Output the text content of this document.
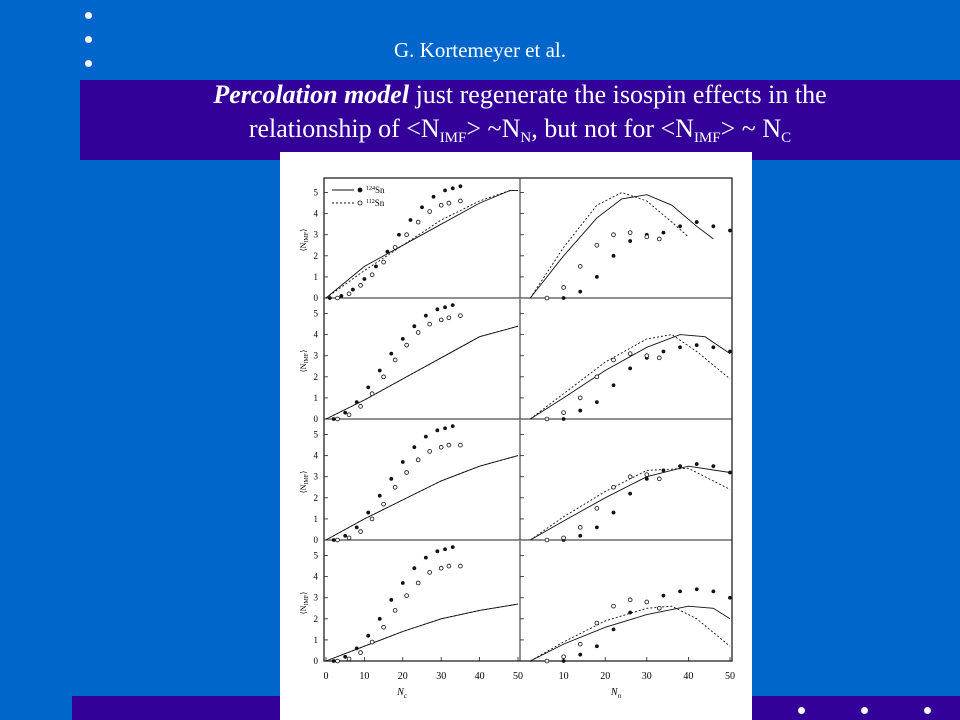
G. Kortemeyer et al.
Percolation model just regenerate the isospin effects in the
relationship of $<N_{IMF}>$ $\sim N_N$, but not for $<N_{IMF}>$ ~ $N_C$
0
1
2
3
4
5
$⟨N_{IMF}⟩$
0
1
2
3
4
5
$⟨N_{IMF}⟩$
0
1
2
3
4
5
$⟨N_{IMF}⟩$
0
1
2
3
4
5
$⟨N_{IMF}⟩$
0	10	20	30	40	50	10	20	30	40	50
$N_c$	$N_n$
$^{124}$Sn
$^{112}$Sn
